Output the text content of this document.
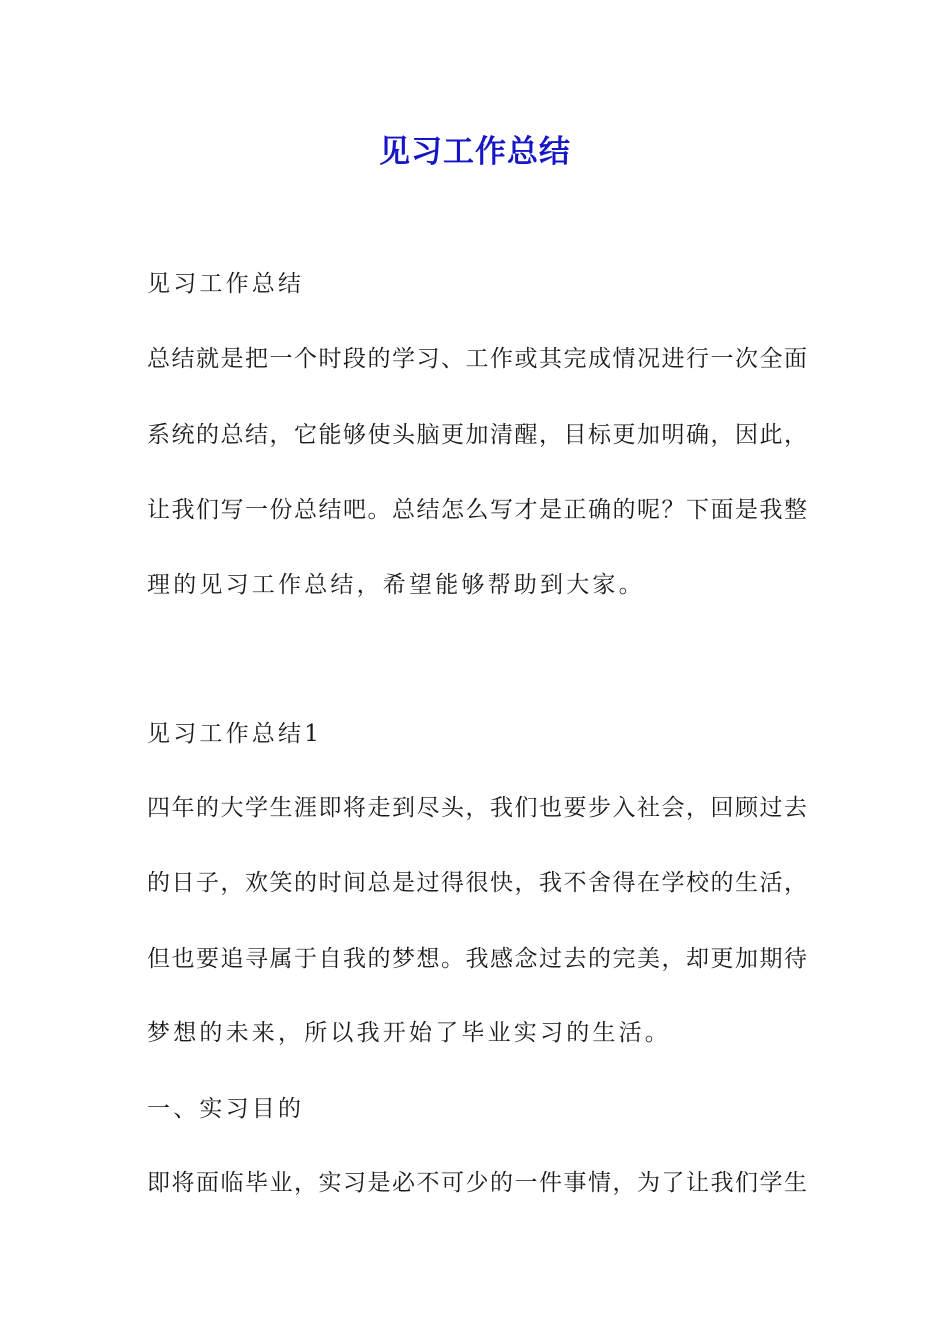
见习工作总结
见习工作总结
总结就是把一个时段的学习、工作或其完成情况进行一次全面
系统的总结，它能够使头脑更加清醒，目标更加明确，因此，
让我们写一份总结吧。总结怎么写才是正确的呢？下面是我整
理的见习工作总结，希望能够帮助到大家。
见习工作总结1
四年的大学生涯即将走到尽头，我们也要步入社会，回顾过去
的日子，欢笑的时间总是过得很快，我不舍得在学校的生活，
但也要追寻属于自我的梦想。我感念过去的完美，却更加期待
梦想的未来，所以我开始了毕业实习的生活。
一、实习目的
即将面临毕业，实习是必不可少的一件事情，为了让我们学生
